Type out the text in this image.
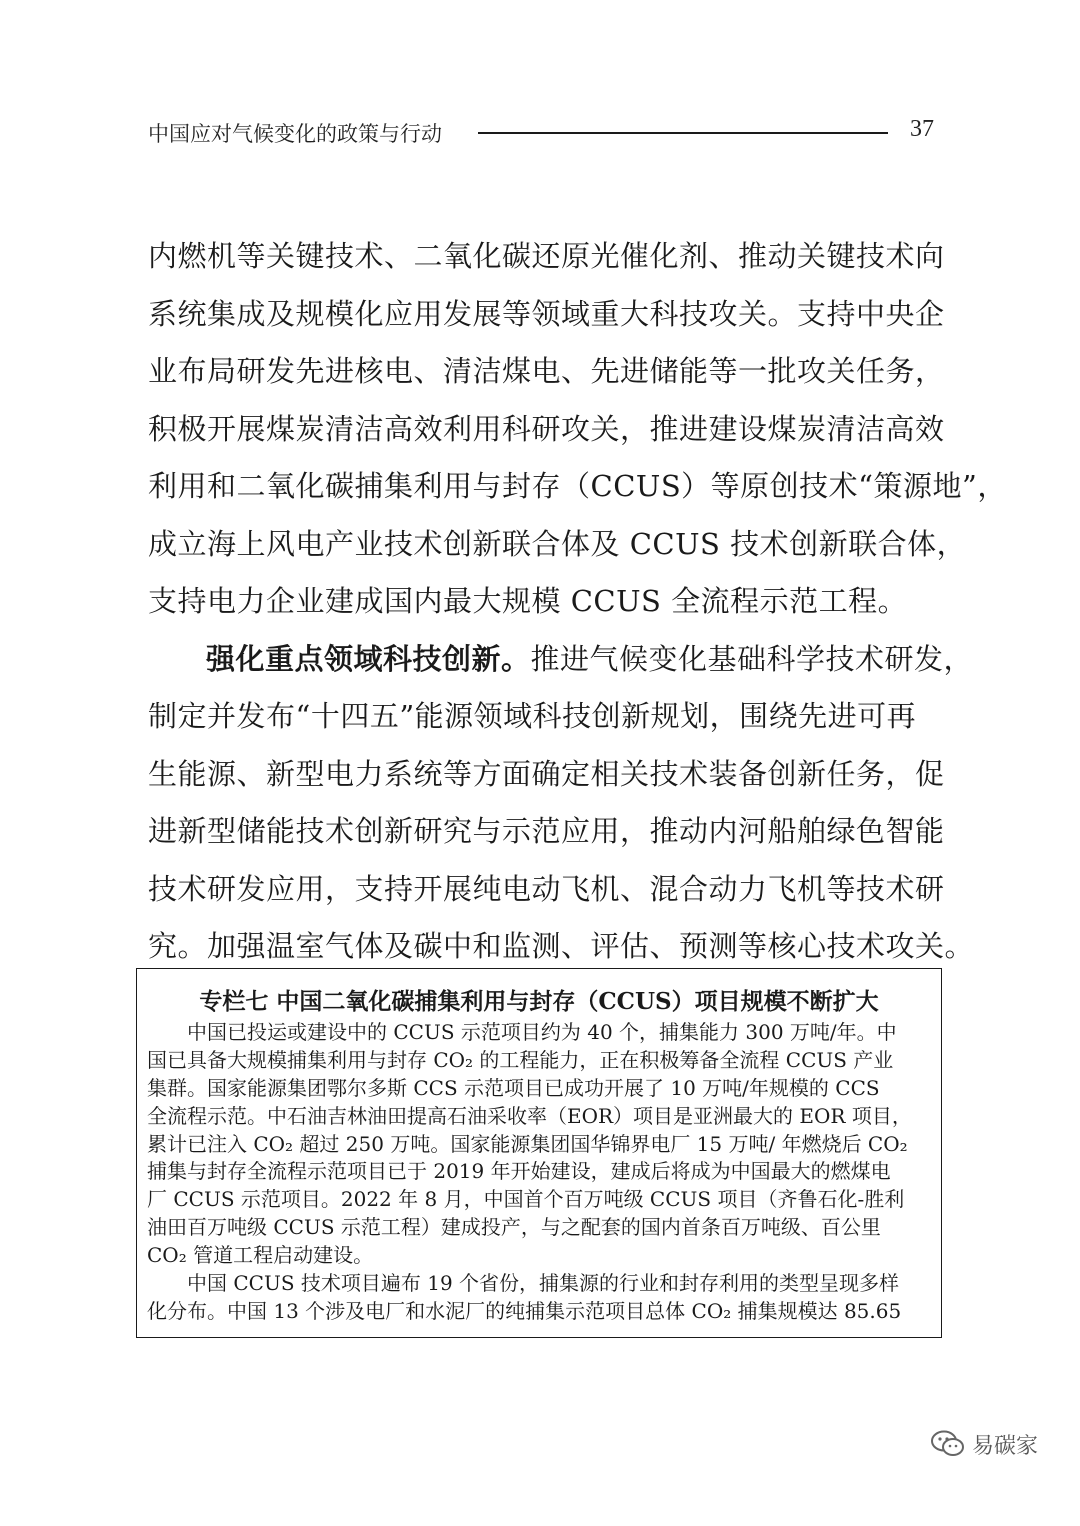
中国应对气候变化的政策与行动	37
内燃机等关键技术、二氧化碳还原光催化剂、推动关键技术向
系统集成及规模化应用发展等领域重大科技攻关。支持中央企
业布局研发先进核电、清洁煤电、先进储能等一批攻关任务，
积极开展煤炭清洁高效利用科研攻关，推进建设煤炭清洁高效
利用和二氧化碳捕集利用与封存（CCUS）等原创技术“策源地”，
成立海上风电产业技术创新联合体及 CCUS 技术创新联合体，
支持电力企业建成国内最大规模 CCUS 全流程示范工程。
强化重点领域科技创新。推进气候变化基础科学技术研发，
制定并发布“十四五”能源领域科技创新规划，围绕先进可再
生能源、新型电力系统等方面确定相关技术装备创新任务，促
进新型储能技术创新研究与示范应用，推动内河船舶绿色智能
技术研发应用，支持开展纯电动飞机、混合动力飞机等技术研
究。加强温室气体及碳中和监测、评估、预测等核心技术攻关。
专栏七 中国二氧化碳捕集利用与封存（CCUS）项目规模不断扩大
中国已投运或建设中的 CCUS 示范项目约为 40 个，捕集能力 300 万吨/年。中
国已具备大规模捕集利用与封存 CO₂ 的工程能力，正在积极筹备全流程 CCUS 产业
集群。国家能源集团鄂尔多斯 CCS 示范项目已成功开展了 10 万吨/年规模的 CCS
全流程示范。中石油吉林油田提高石油采收率（EOR）项目是亚洲最大的 EOR 项目，
累计已注入 CO₂ 超过 250 万吨。国家能源集团国华锦界电厂 15 万吨/ 年燃烧后 CO₂
捕集与封存全流程示范项目已于 2019 年开始建设，建成后将成为中国最大的燃煤电
厂 CCUS 示范项目。2022 年 8 月，中国首个百万吨级 CCUS 项目（齐鲁石化-胜利
油田百万吨级 CCUS 示范工程）建成投产，与之配套的国内首条百万吨级、百公里
CO₂ 管道工程启动建设。
中国 CCUS 技术项目遍布 19 个省份，捕集源的行业和封存利用的类型呈现多样
化分布。中国 13 个涉及电厂和水泥厂的纯捕集示范项目总体 CO₂ 捕集规模达 85.65
易碳家
